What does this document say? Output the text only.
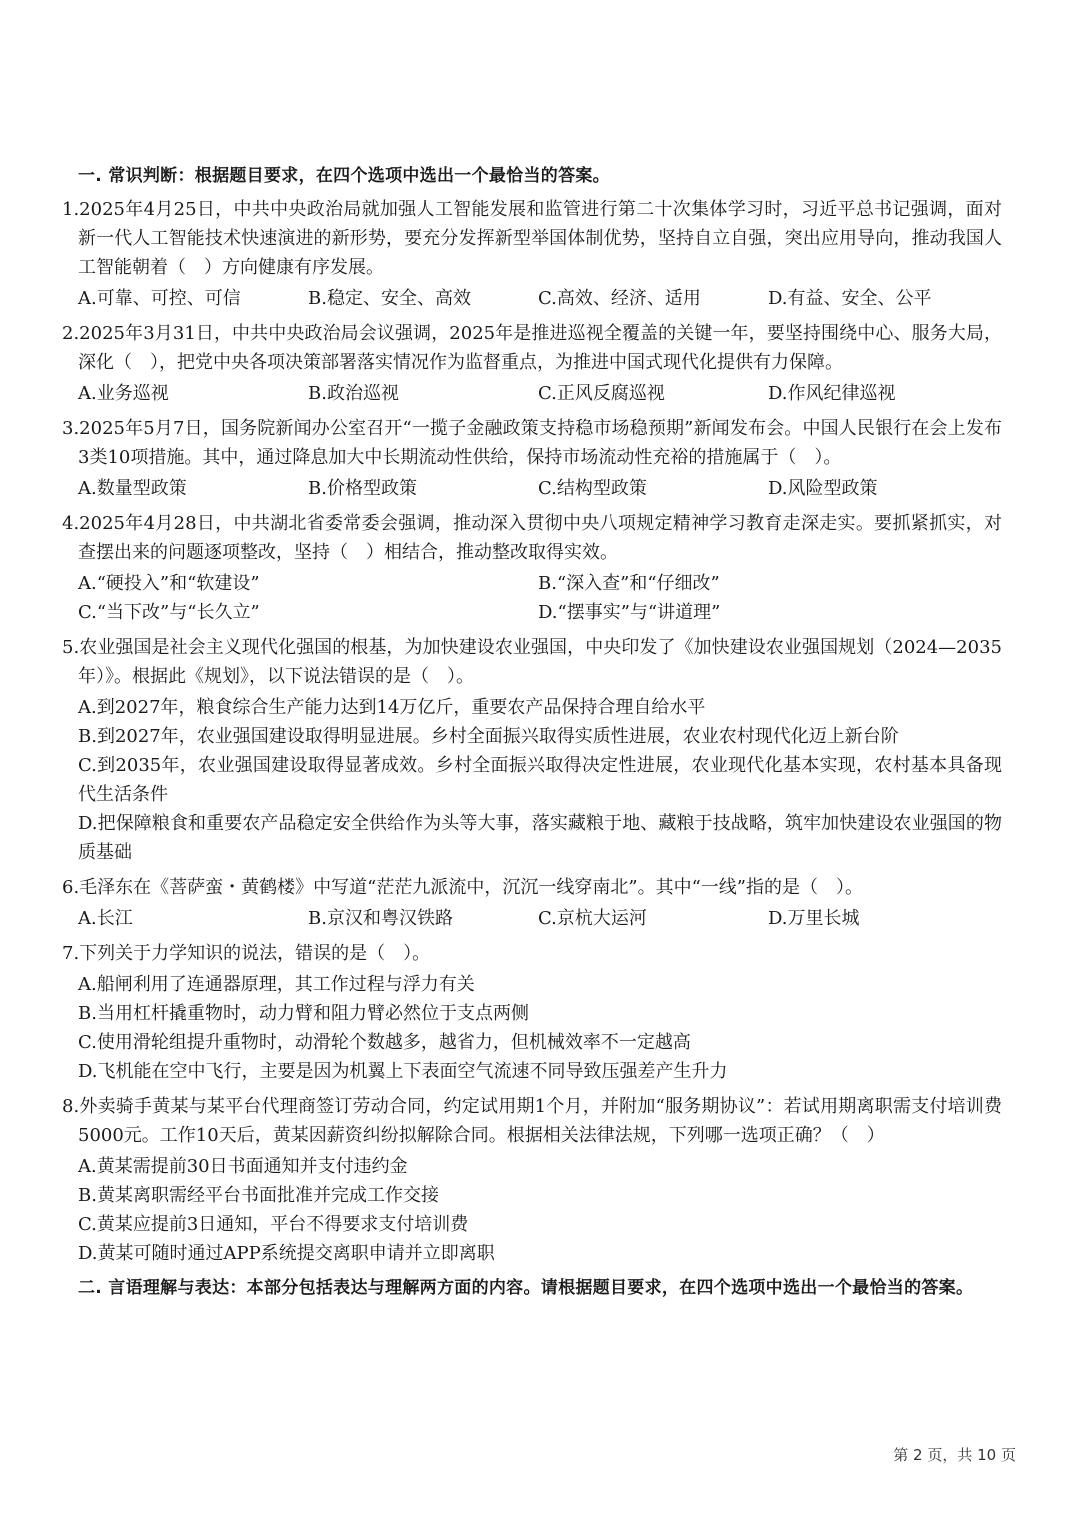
一. 常识判断：根据题目要求，在四个选项中选出一个最恰当的答案。
1.2025年4月25日，中共中央政治局就加强人工智能发展和监管进行第二十次集体学习时，习近平总书记强调，面对新一代人工智能技术快速演进的新形势，要充分发挥新型举国体制优势，坚持自立自强，突出应用导向，推动我国人工智能朝着（　）方向健康有序发展。
A.可靠、可控、可信	B.稳定、安全、高效	C.高效、经济、适用	D.有益、安全、公平
2.2025年3月31日，中共中央政治局会议强调，2025年是推进巡视全覆盖的关键一年，要坚持围绕中心、服务大局，深化（　），把党中央各项决策部署落实情况作为监督重点，为推进中国式现代化提供有力保障。
A.业务巡视	B.政治巡视	C.正风反腐巡视	D.作风纪律巡视
3.2025年5月7日，国务院新闻办公室召开“一揽子金融政策支持稳市场稳预期”新闻发布会。中国人民银行在会上发布3类10项措施。其中，通过降息加大中长期流动性供给，保持市场流动性充裕的措施属于（　）。
A.数量型政策	B.价格型政策	C.结构型政策	D.风险型政策
4.2025年4月28日，中共湖北省委常委会强调，推动深入贯彻中央八项规定精神学习教育走深走实。要抓紧抓实，对查摆出来的问题逐项整改，坚持（　）相结合，推动整改取得实效。
A.“硬投入”和“软建设”	B.“深入查”和“仔细改”
C.“当下改”与“长久立”	D.“摆事实”与“讲道理”
5.农业强国是社会主义现代化强国的根基，为加快建设农业强国，中央印发了《加快建设农业强国规划（2024—2035年）》。根据此《规划》，以下说法错误的是（　）。
A.到2027年，粮食综合生产能力达到14万亿斤，重要农产品保持合理自给水平
B.到2027年，农业强国建设取得明显进展。乡村全面振兴取得实质性进展，农业农村现代化迈上新台阶
C.到2035年，农业强国建设取得显著成效。乡村全面振兴取得决定性进展，农业现代化基本实现，农村基本具备现代生活条件
D.把保障粮食和重要农产品稳定安全供给作为头等大事，落实藏粮于地、藏粮于技战略，筑牢加快建设农业强国的物质基础
6.毛泽东在《菩萨蛮・黄鹤楼》中写道“茫茫九派流中，沉沉一线穿南北”。其中“一线”指的是（　）。
A.长江	B.京汉和粤汉铁路	C.京杭大运河	D.万里长城
7.下列关于力学知识的说法，错误的是（　）。
A.船闸利用了连通器原理，其工作过程与浮力有关
B.当用杠杆撬重物时，动力臂和阻力臂必然位于支点两侧
C.使用滑轮组提升重物时，动滑轮个数越多，越省力，但机械效率不一定越高
D.飞机能在空中飞行，主要是因为机翼上下表面空气流速不同导致压强差产生升力
8.外卖骑手黄某与某平台代理商签订劳动合同，约定试用期1个月，并附加“服务期协议”：若试用期离职需支付培训费5000元。工作10天后，黄某因薪资纠纷拟解除合同。根据相关法律法规，下列哪一选项正确？（　）
A.黄某需提前30日书面通知并支付违约金
B.黄某离职需经平台书面批准并完成工作交接
C.黄某应提前3日通知，平台不得要求支付培训费
D.黄某可随时通过APP系统提交离职申请并立即离职
二. 言语理解与表达：本部分包括表达与理解两方面的内容。请根据题目要求，在四个选项中选出一个最恰当的答案。
第 2 页，共 10 页
